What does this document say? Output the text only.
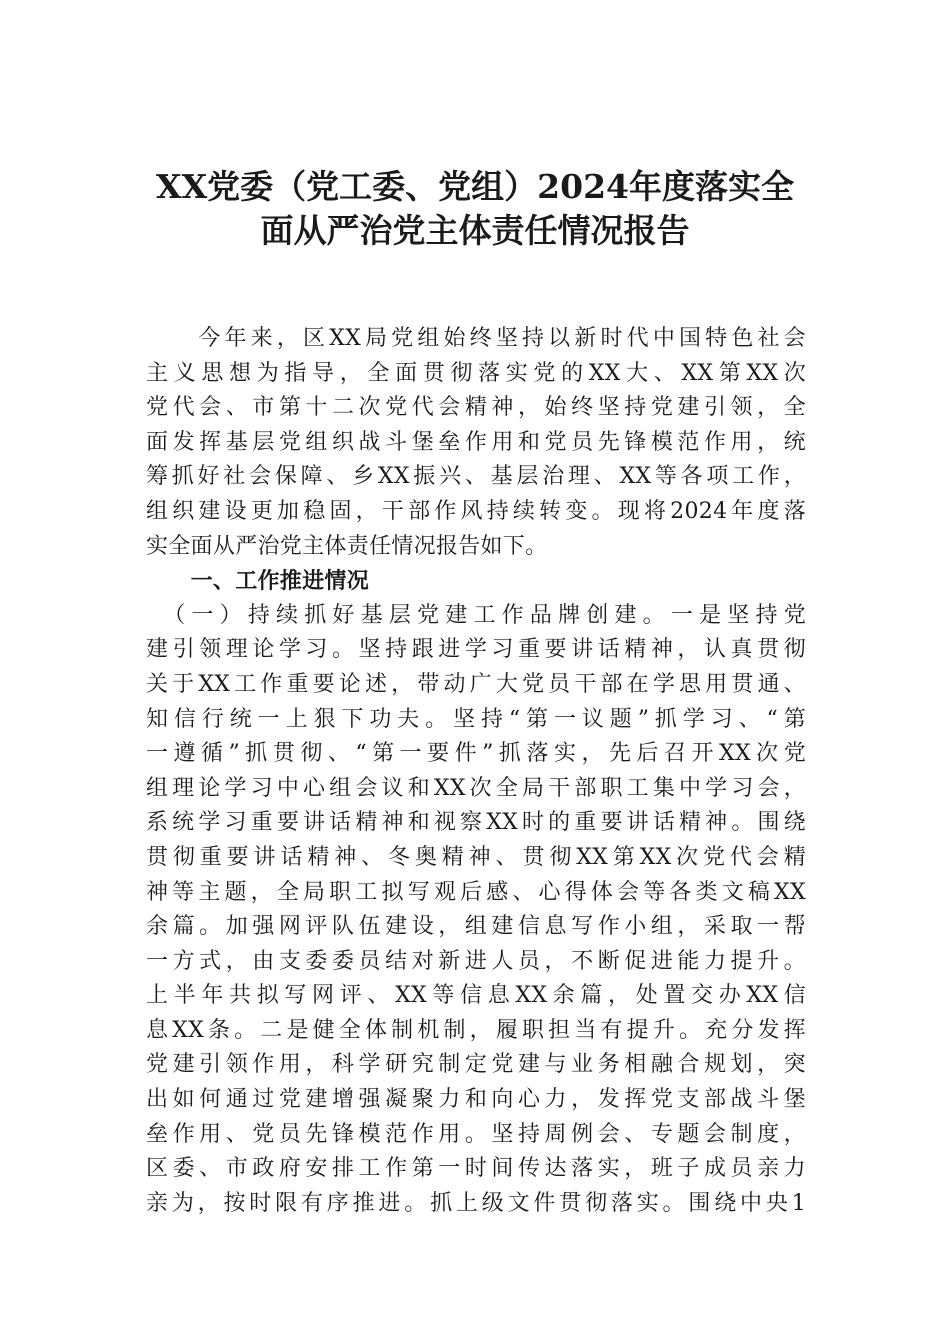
XX党委（党工委、党组）2024年度落实全
面从严治党主体责任情况报告
　　今年来，区XX局党组始终坚持以新时代中国特色社会
主义思想为指导，全面贯彻落实党的XX大、XX第XX次
党代会、市第十二次党代会精神，始终坚持党建引领，全
面发挥基层党组织战斗堡垒作用和党员先锋模范作用，统
筹抓好社会保障、乡XX振兴、基层治理、XX等各项工作，
组织建设更加稳固，干部作风持续转变。现将2024年度落
实全面从严治党主体责任情况报告如下。
　　一、工作推进情况
　（一）持续抓好基层党建工作品牌创建。一是坚持党
建引领理论学习。坚持跟进学习重要讲话精神，认真贯彻
关于XX工作重要论述，带动广大党员干部在学思用贯通、
知信行统一上狠下功夫。坚持“第一议题”抓学习、“第
一遵循”抓贯彻、“第一要件”抓落实，先后召开XX次党
组理论学习中心组会议和XX次全局干部职工集中学习会，
系统学习重要讲话精神和视察XX时的重要讲话精神。围绕
贯彻重要讲话精神、冬奥精神、贯彻XX第XX次党代会精
神等主题，全局职工拟写观后感、心得体会等各类文稿XX
余篇。加强网评队伍建设，组建信息写作小组，采取一帮
一方式，由支委委员结对新进人员，不断促进能力提升。
上半年共拟写网评、XX等信息XX余篇，处置交办XX信
息XX条。二是健全体制机制，履职担当有提升。充分发挥
党建引领作用，科学研究制定党建与业务相融合规划，突
出如何通过党建增强凝聚力和向心力，发挥党支部战斗堡
垒作用、党员先锋模范作用。坚持周例会、专题会制度，
区委、市政府安排工作第一时间传达落实，班子成员亲力
亲为，按时限有序推进。抓上级文件贯彻落实。围绕中央1
